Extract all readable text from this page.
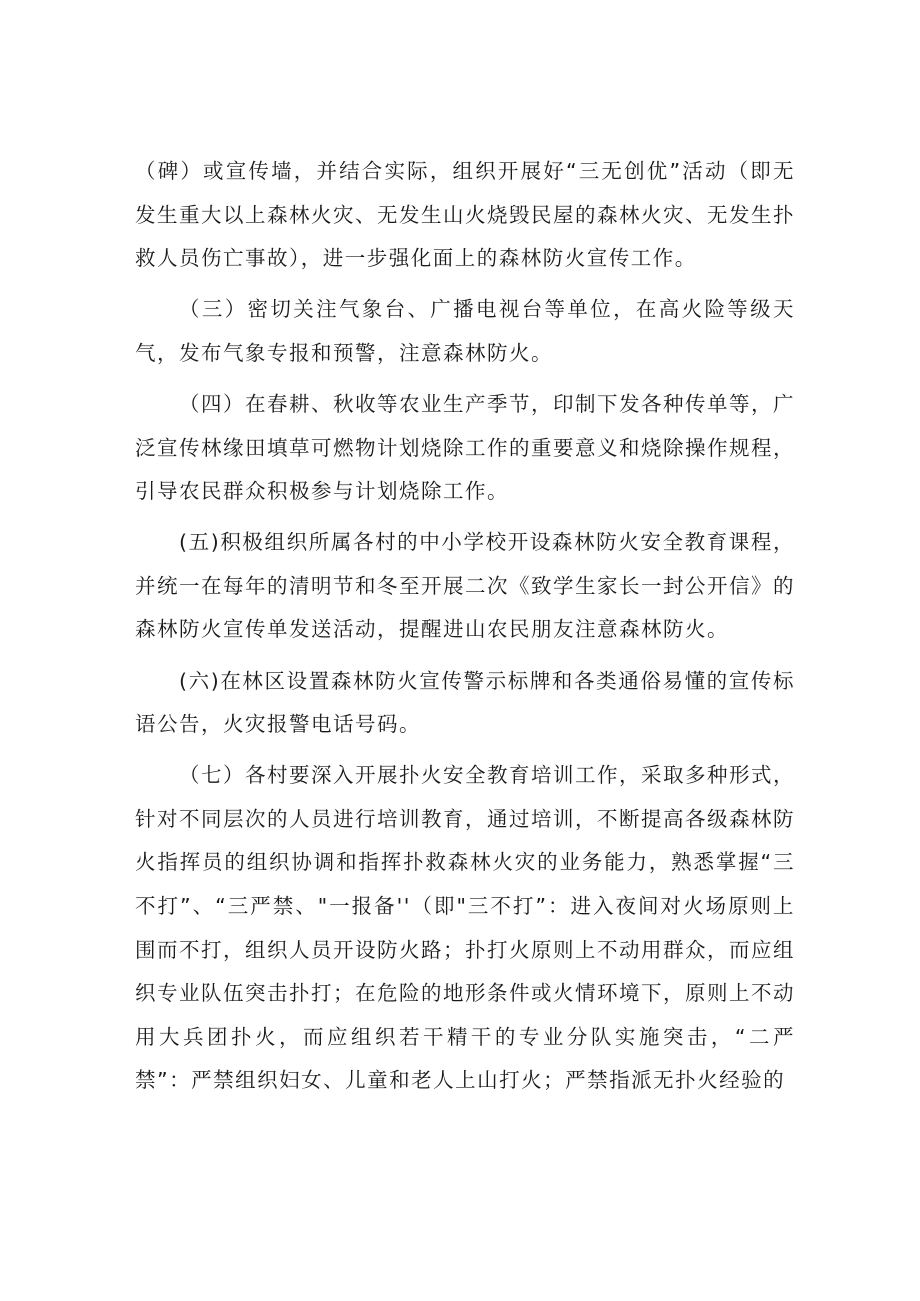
（碑）或宣传墙，并结合实际，组织开展好“三无创优”活动（即无发生重大以上森林火灾、无发生山火烧毁民屋的森林火灾、无发生扑救人员伤亡事故），进一步强化面上的森林防火宣传工作。

（三）密切关注气象台、广播电视台等单位，在高火险等级天气，发布气象专报和预警，注意森林防火。

（四）在春耕、秋收等农业生产季节，印制下发各种传单等，广泛宣传林缘田填草可燃物计划烧除工作的重要意义和烧除操作规程，引导农民群众积极参与计划烧除工作。

(五)积极组织所属各村的中小学校开设森林防火安全教育课程，并统一在每年的清明节和冬至开展二次《致学生家长一封公开信》的森林防火宣传单发送活动，提醒进山农民朋友注意森林防火。

(六)在林区设置森林防火宣传警示标牌和各类通俗易懂的宣传标语公告，火灾报警电话号码。

（七）各村要深入开展扑火安全教育培训工作，采取多种形式，针对不同层次的人员进行培训教育，通过培训，不断提高各级森林防火指挥员的组织协调和指挥扑救森林火灾的业务能力，熟悉掌握“三不打”、“三严禁、"一报备''（即"三不打”：进入夜间对火场原则上围而不打，组织人员开设防火路；扑打火原则上不动用群众，而应组织专业队伍突击扑打；在危险的地形条件或火情环境下，原则上不动用大兵团扑火，而应组织若干精干的专业分队实施突击，“二严禁”：严禁组织妇女、儿童和老人上山打火；严禁指派无扑火经验的
